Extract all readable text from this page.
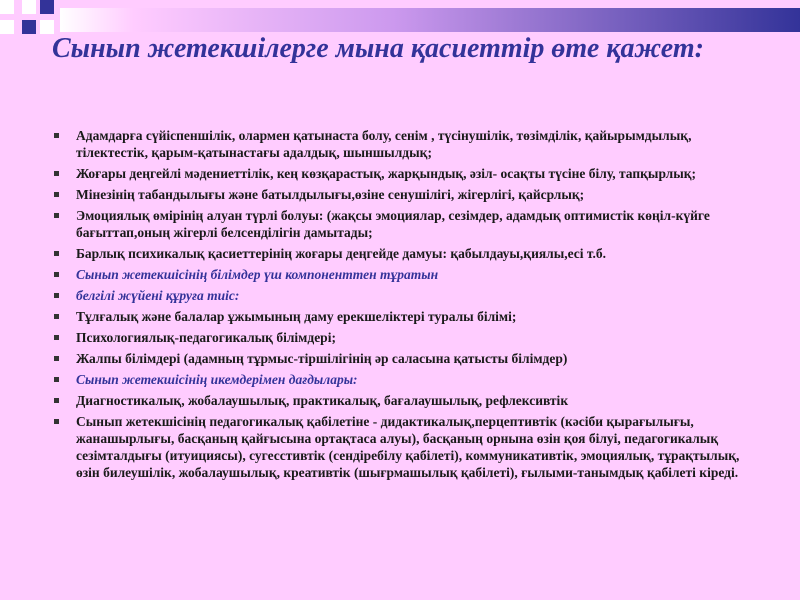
Сынып жетекшілерге мына қасиеттір өте қажет:
Адамдарға сүйіспеншілік, олармен қатынаста болу, сенім , түсінушілік, төзімділік, қайырымдылық, тілектестік, қарым-қатынастағы адалдық, шыншылдық;
Жоғары деңгейлі мәдениеттілік, кең көзқарастық, жарқындық, әзіл- осақты түсіне білу, тапқырлық;
Мінезінің табандылығы және батылдылығы,өзіне сенушілігі, жігерлігі, қайсрлық;
Эмоциялық өмірінің алуан түрлі болуы: (жақсы эмоциялар, сезімдер, адамдық оптимистік көңіл-күйге бағыттап,оның жігерлі белсенділігін дамытады;
Барлық психикалық қасиеттерінің жоғары деңгейде дамуы: қабылдауы,қиялы,есі т.б.
Сынып жетекшісінің білімдер үш компоненттен тұратын
белгілі жүйені құруға тиіс:
Тұлғалық және балалар ұжымының даму ерекшеліктері туралы білімі;
Психологиялық-педагогикалық білімдері;
Жалпы білімдері (адамның тұрмыс-тіршілігінің әр саласына қатысты білімдер)
Сынып жетекшісінің икемдерімен дағдылары:
Диагностикалық, жобалаушылық, практикалық, бағалаушылық, рефлексивтік
Сынып жетекшісінің педагогикалық қабілетіне - дидактикалық,перцептивтік (кәсіби қырағылығы, жанашырлығы, басқаның қайғысына ортақтаса алуы), басқаның орнына өзін қоя білуі, педагогикалық сезімталдығы (итуициясы), сугесстивтік (сендіребілу қабілеті), коммуникативтік, эмоциялық, тұрақтылық, өзін билеушілік, жобалаушылық, креативтік (шығрмашылық қабілеті), ғылыми-танымдық қабілеті кіреді.
